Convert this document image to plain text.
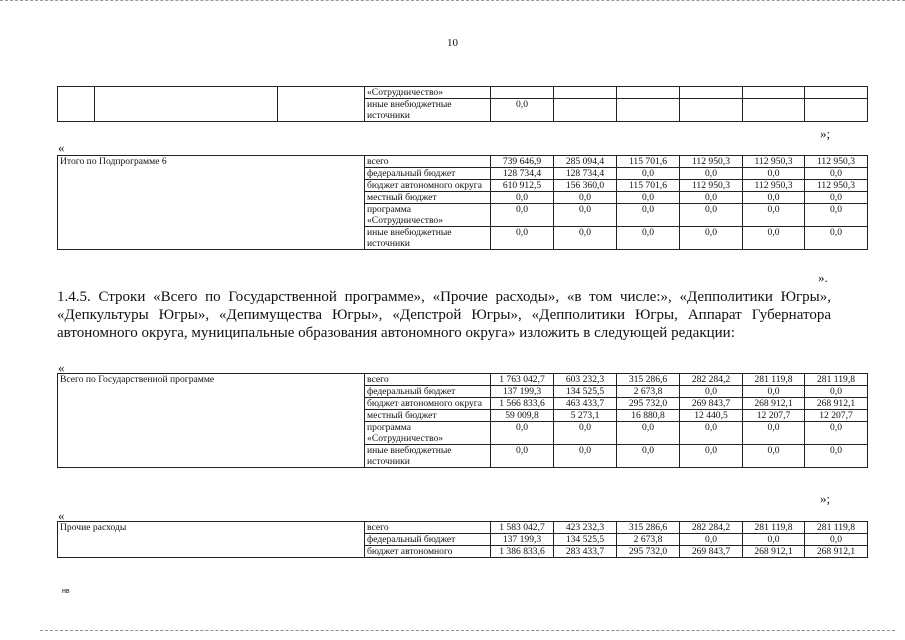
10
			«Сотрудничество»						
			иные внебюджетные источники	0,0					
»;
«
Итого по Подпрограмме 6	всего	739 646,9	285 094,4	115 701,6	112 950,3	112 950,3	112 950,3
	федеральный бюджет	128 734,4	128 734,4	0,0	0,0	0,0	0,0
	бюджет автономного округа	610 912,5	156 360,0	115 701,6	112 950,3	112 950,3	112 950,3
	местный бюджет	0,0	0,0	0,0	0,0	0,0	0,0
	программа «Сотрудничество»	0,0	0,0	0,0	0,0	0,0	0,0
	иные внебюджетные источники	0,0	0,0	0,0	0,0	0,0	0,0
».

1.4.5. Строки «Всего по Государственной программе», «Прочие расходы», «в том числе:», «Депполитики Югры», «Депкультуры Югры», «Депимущества Югры», «Депстрой Югры», «Депполитики Югры, Аппарат Губернатора автономного округа, муниципальные образования автономного округа» изложить в следующей редакции:

«
Всего по Государственной программе	всего	1 763 042,7	603 232,3	315 286,6	282 284,2	281 119,8	281 119,8
	федеральный бюджет	137 199,3	134 525,5	2 673,8	0,0	0,0	0,0
	бюджет автономного округа	1 566 833,6	463 433,7	295 732,0	269 843,7	268 912,1	268 912,1
	местный бюджет	59 009,8	5 273,1	16 880,8	12 440,5	12 207,7	12 207,7
	программа «Сотрудничество»	0,0	0,0	0,0	0,0	0,0	0,0
	иные внебюджетные источники	0,0	0,0	0,0	0,0	0,0	0,0
»;
«
Прочие расходы	всего	1 583 042,7	423 232,3	315 286,6	282 284,2	281 119,8	281 119,8
	федеральный бюджет	137 199,3	134 525,5	2 673,8	0,0	0,0	0,0
	бюджет автономного	1 386 833,6	283 433,7	295 732,0	269 843,7	268 912,1	268 912,1
нв
